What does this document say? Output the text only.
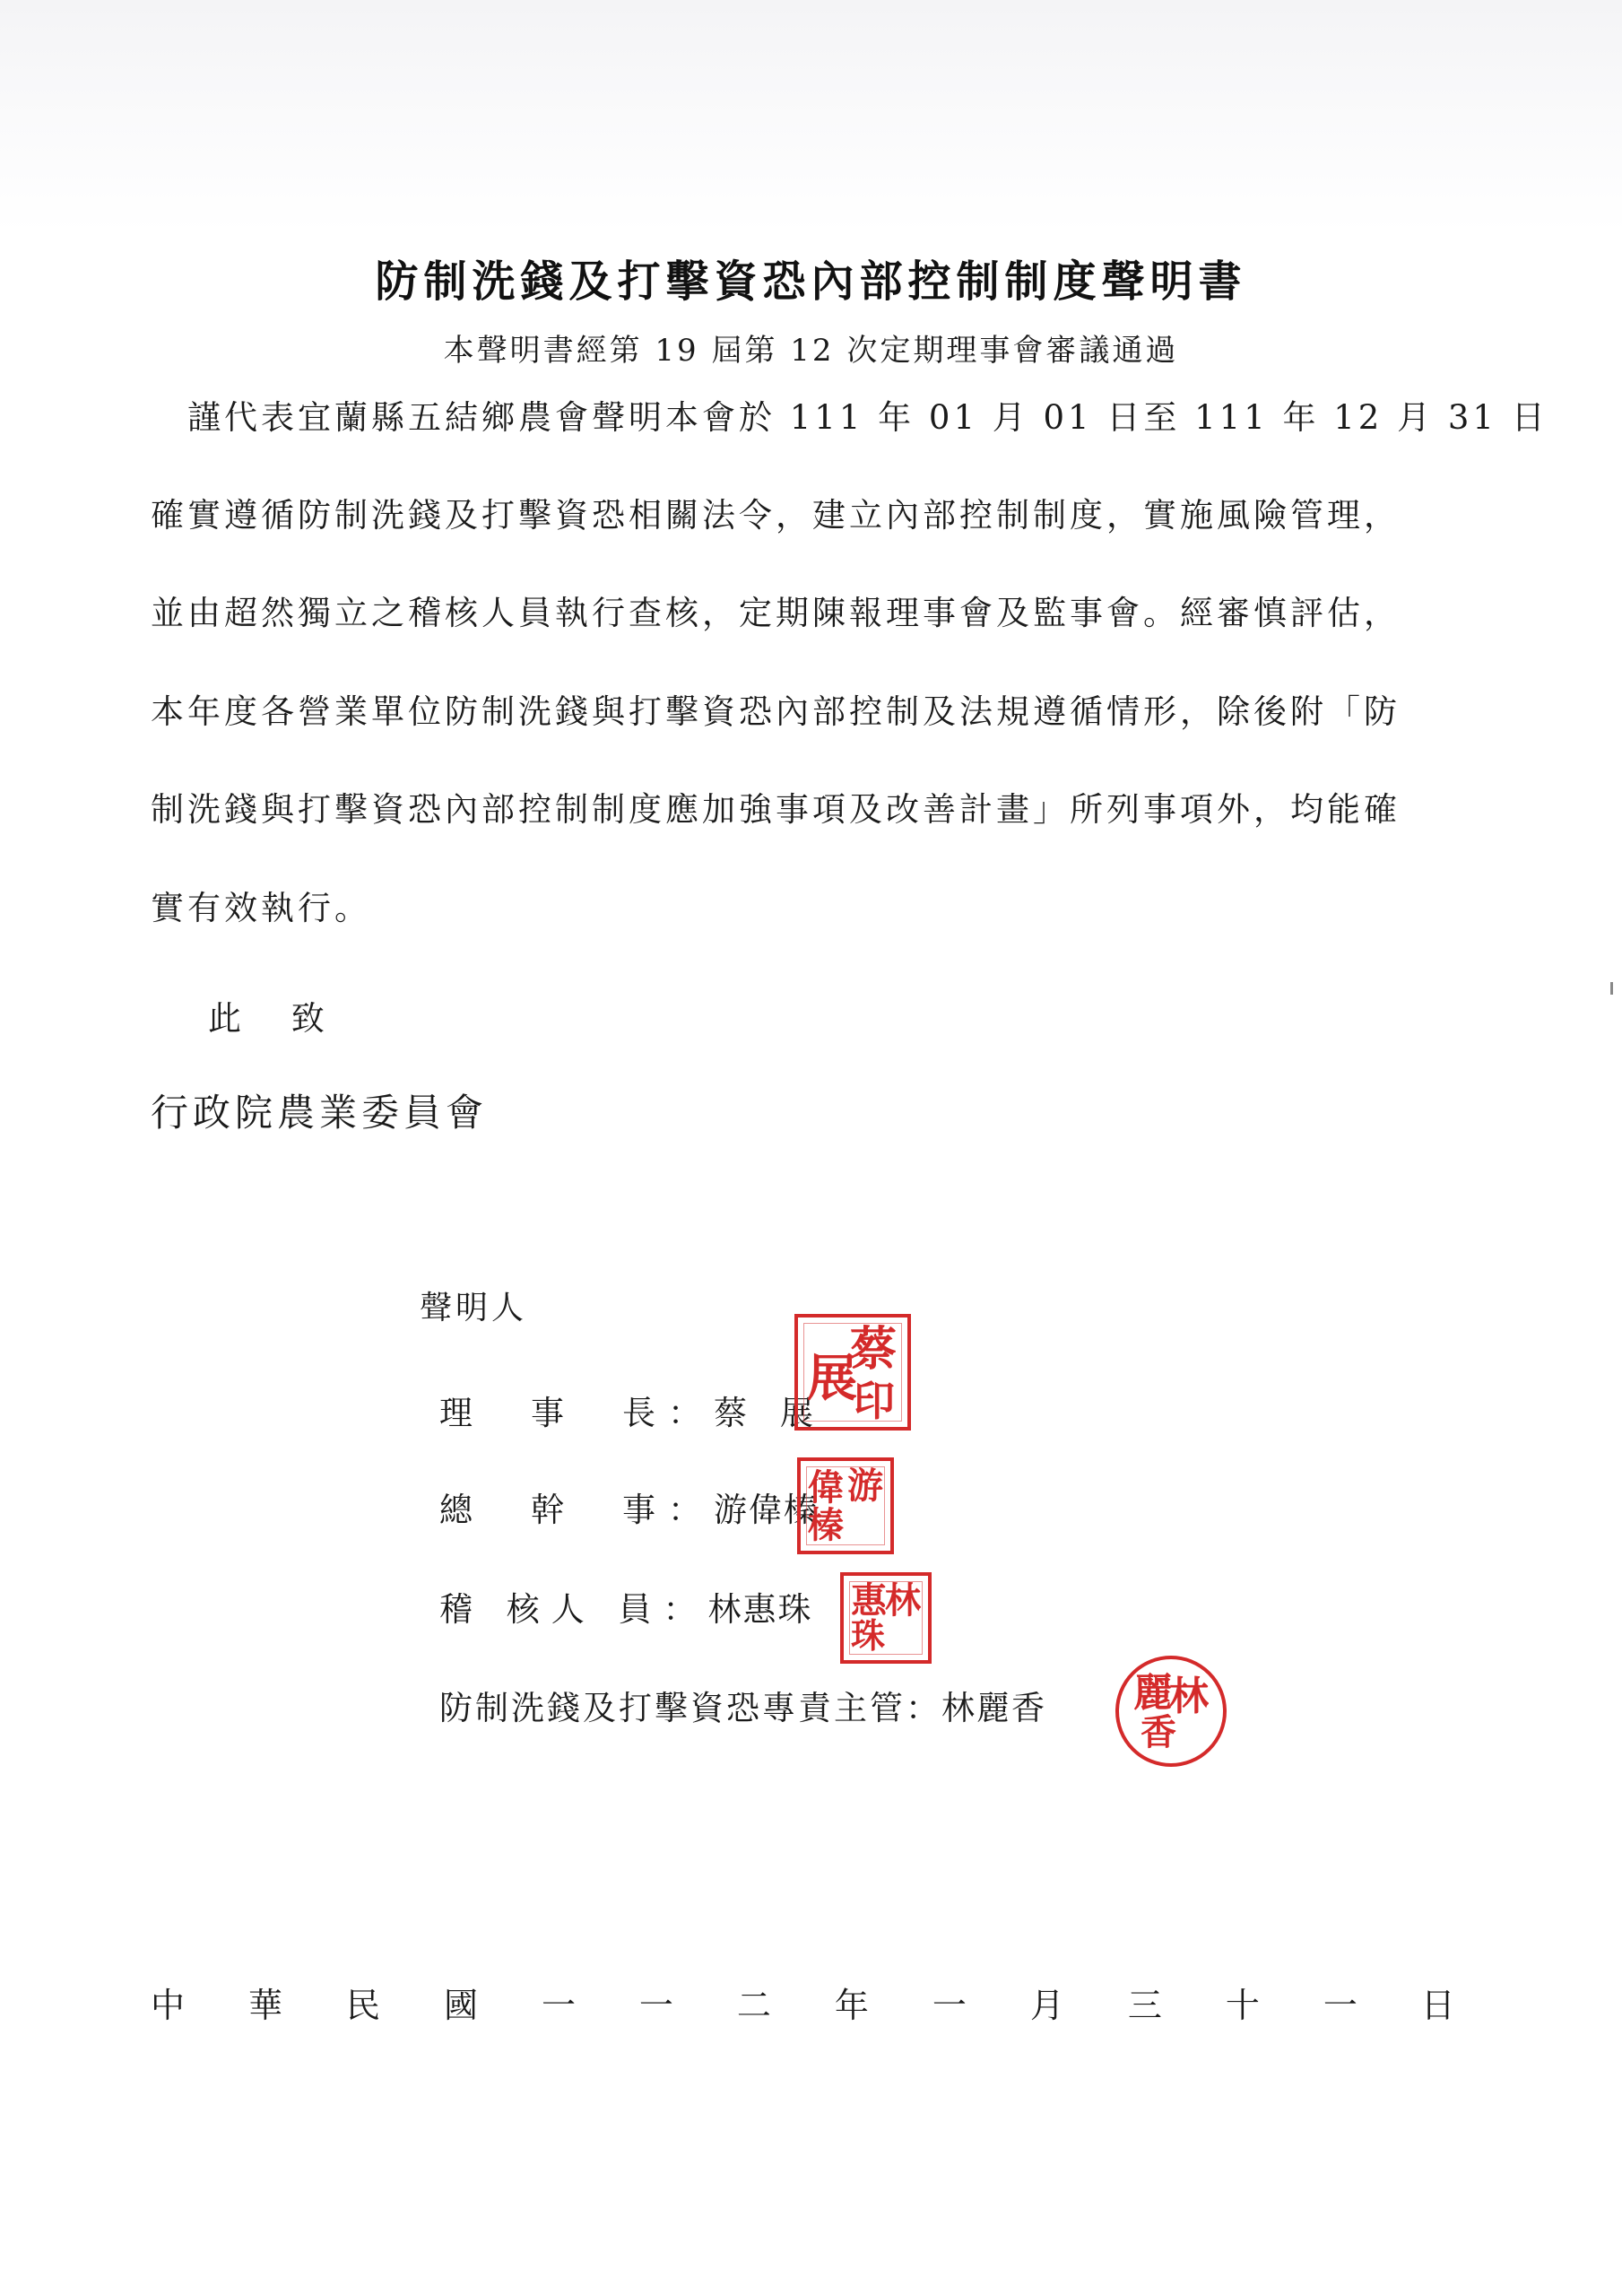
防制洗錢及打擊資恐內部控制制度聲明書
本聲明書經第 19 屆第 12 次定期理事會審議通過
　謹代表宜蘭縣五結鄉農會聲明本會於 111 年 01 月 01 日至 111 年 12 月 31 日
確實遵循防制洗錢及打擊資恐相關法令，建立內部控制制度，實施風險管理，
並由超然獨立之稽核人員執行查核，定期陳報理事會及監事會。經審慎評估，
本年度各營業單位防制洗錢與打擊資恐內部控制及法規遵循情形，除後附「防
制洗錢與打擊資恐內部控制制度應加強事項及改善計畫」所列事項外，均能確
實有效執行。
此 致
行政院農業委員會
聲明人
理　事　長： 蔡　展
總　幹　事： 游偉榛
稽 核人 員： 林惠珠
防制洗錢及打擊資恐專責主管： 林麗香
蔡
展
印
游
偉
榛
林
惠
珠
林
麗
香
中 華 民 國 一 一 二 年 一 月 三 十 一 日
